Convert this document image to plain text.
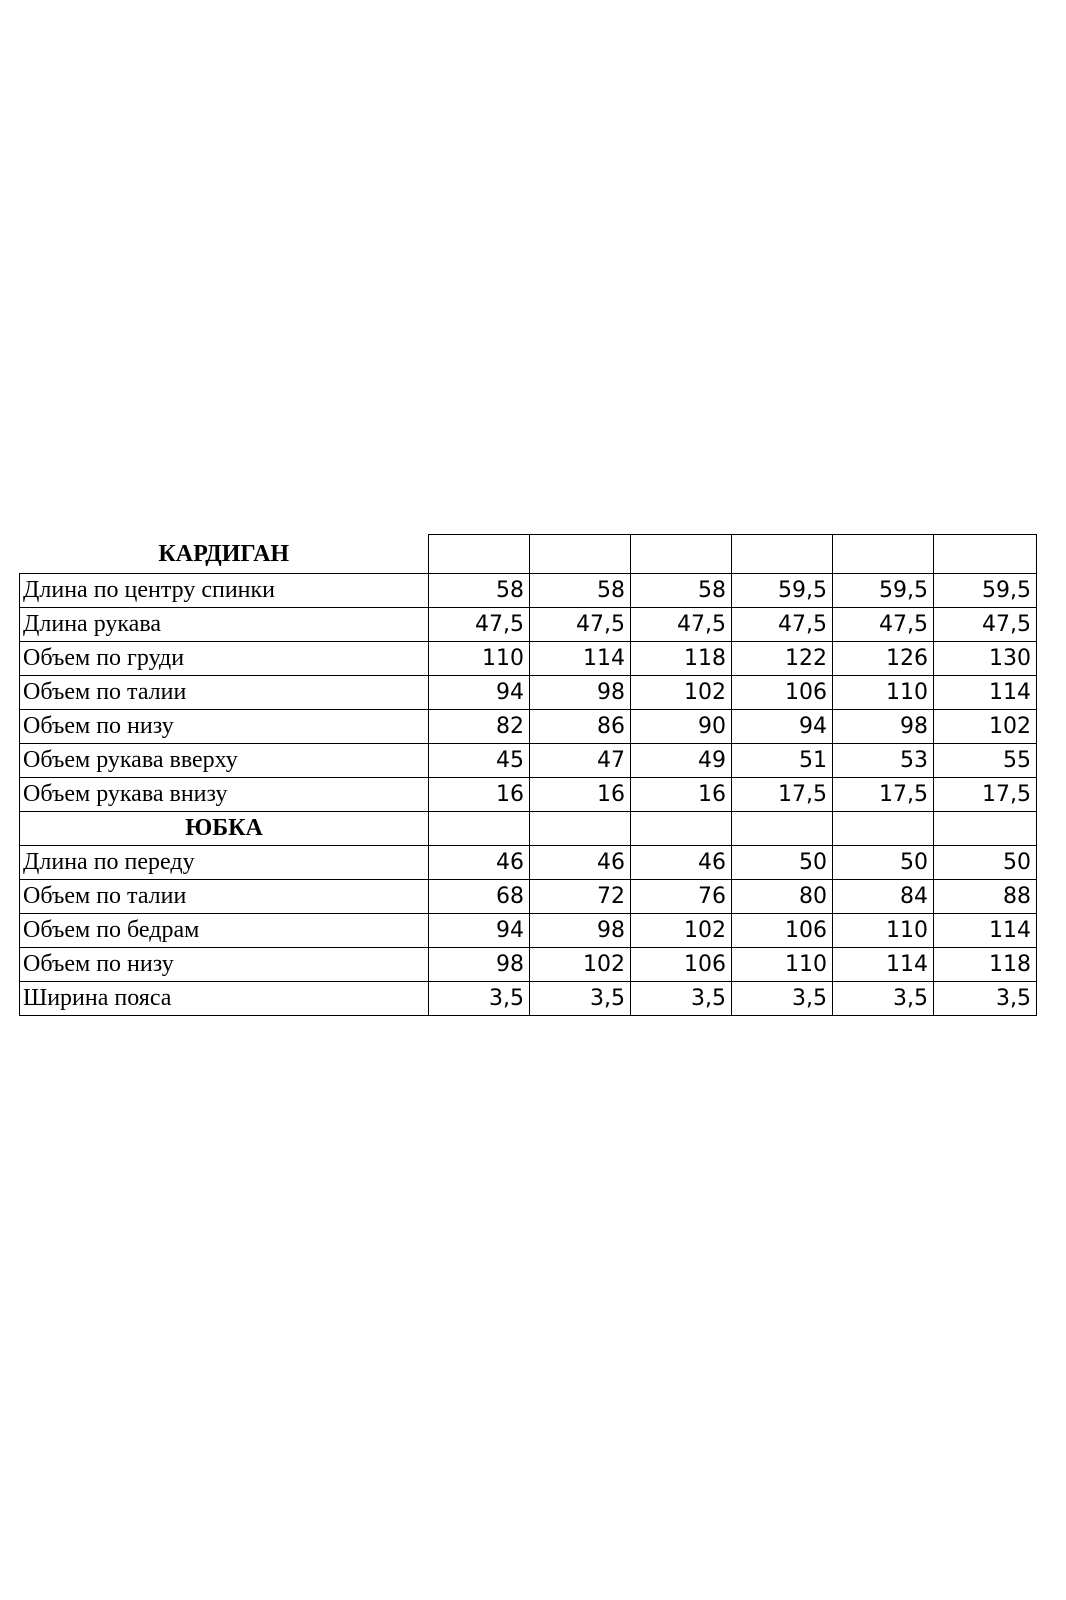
КАРДИГАН						
Длина по центру спинки	58	58	58	59,5	59,5	59,5
Длина рукава	47,5	47,5	47,5	47,5	47,5	47,5
Объем по груди	110	114	118	122	126	130
Объем по талии	94	98	102	106	110	114
Объем по низу	82	86	90	94	98	102
Объем рукава вверху	45	47	49	51	53	55
Объем рукава внизу	16	16	16	17,5	17,5	17,5
ЮБКА						
Длина по переду	46	46	46	50	50	50
Объем по талии	68	72	76	80	84	88
Объем по бедрам	94	98	102	106	110	114
Объем по низу	98	102	106	110	114	118
Ширина пояса	3,5	3,5	3,5	3,5	3,5	3,5
